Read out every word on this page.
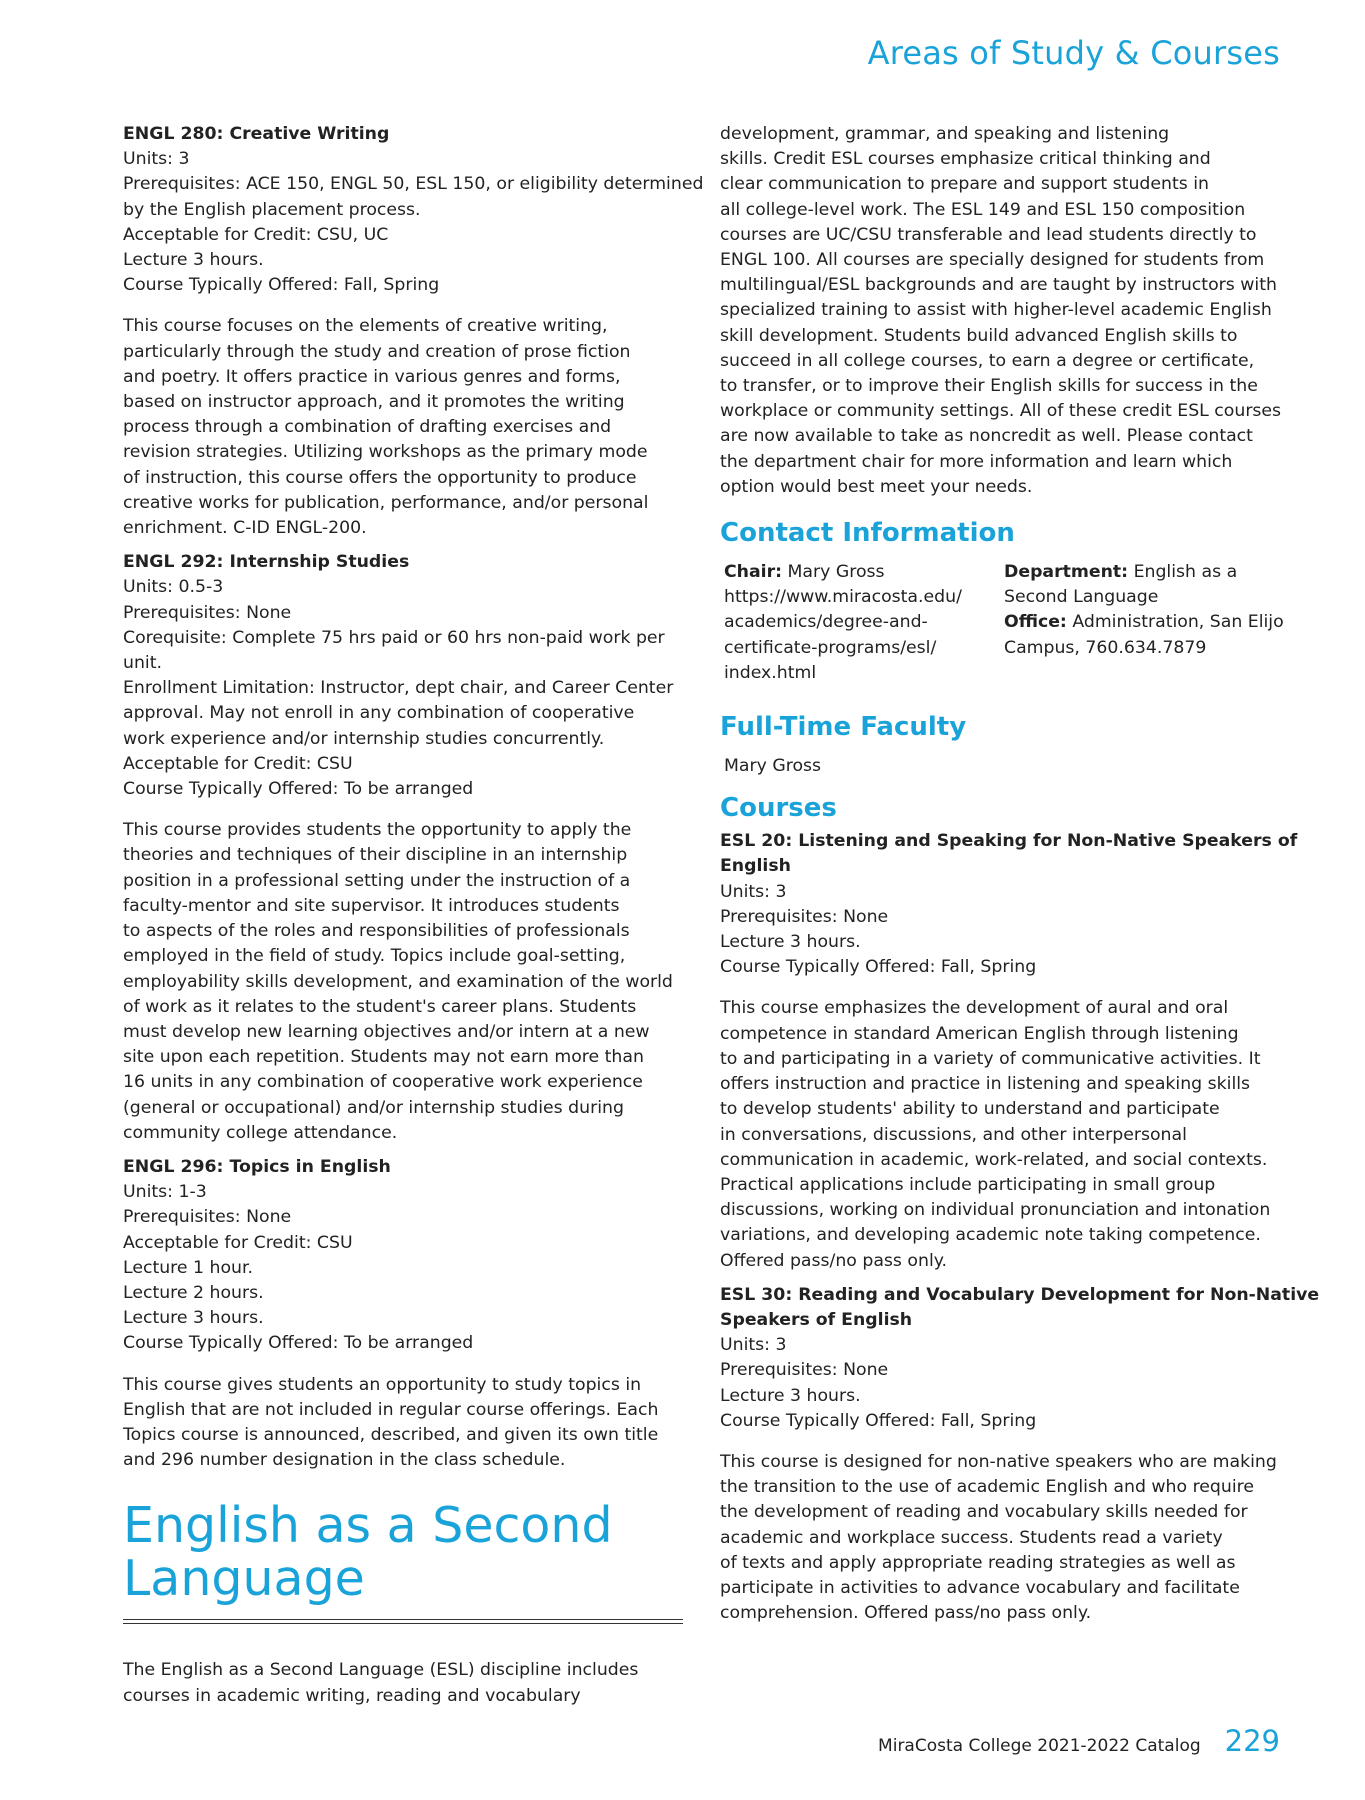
Areas of Study & Courses
ENGL 280: Creative Writing
Units: 3
Prerequisites: ACE 150, ENGL 50, ESL 150, or eligibility determined
by the English placement process.
Acceptable for Credit: CSU, UC
Lecture 3 hours.
Course Typically Offered: Fall, Spring
This course focuses on the elements of creative writing,
particularly through the study and creation of prose fiction
and poetry. It offers practice in various genres and forms,
based on instructor approach, and it promotes the writing
process through a combination of drafting exercises and
revision strategies. Utilizing workshops as the primary mode
of instruction, this course offers the opportunity to produce
creative works for publication, performance, and/or personal
enrichment. C-ID ENGL-200.
ENGL 292: Internship Studies
Units: 0.5-3
Prerequisites: None
Corequisite: Complete 75 hrs paid or 60 hrs non-paid work per
unit.
Enrollment Limitation: Instructor, dept chair, and Career Center
approval. May not enroll in any combination of cooperative
work experience and/or internship studies concurrently.
Acceptable for Credit: CSU
Course Typically Offered: To be arranged
This course provides students the opportunity to apply the
theories and techniques of their discipline in an internship
position in a professional setting under the instruction of a
faculty-mentor and site supervisor. It introduces students
to aspects of the roles and responsibilities of professionals
employed in the field of study. Topics include goal-setting,
employability skills development, and examination of the world
of work as it relates to the student's career plans. Students
must develop new learning objectives and/or intern at a new
site upon each repetition. Students may not earn more than
16 units in any combination of cooperative work experience
(general or occupational) and/or internship studies during
community college attendance.
ENGL 296: Topics in English
Units: 1-3
Prerequisites: None
Acceptable for Credit: CSU
Lecture 1 hour.
Lecture 2 hours.
Lecture 3 hours.
Course Typically Offered: To be arranged
This course gives students an opportunity to study topics in
English that are not included in regular course offerings. Each
Topics course is announced, described, and given its own title
and 296 number designation in the class schedule.
English as a Second
Language
The English as a Second Language (ESL) discipline includes
courses in academic writing, reading and vocabulary
development, grammar, and speaking and listening
skills. Credit ESL courses emphasize critical thinking and
clear communication to prepare and support students in
all college-level work. The ESL 149 and ESL 150 composition
courses are UC/CSU transferable and lead students directly to
ENGL 100. All courses are specially designed for students from
multilingual/ESL backgrounds and are taught by instructors with
specialized training to assist with higher-level academic English
skill development. Students build advanced English skills to
succeed in all college courses, to earn a degree or certificate,
to transfer, or to improve their English skills for success in the
workplace or community settings. All of these credit ESL courses
are now available to take as noncredit as well. Please contact
the department chair for more information and learn which
option would best meet your needs.
Contact Information
Chair: Mary Gross
https://www.miracosta.edu/
academics/degree-and-
certificate-programs/esl/
index.html
Department: English as a
Second Language
Office: Administration, San Elijo
Campus, 760.634.7879
Full-Time Faculty
Mary Gross
Courses
ESL 20: Listening and Speaking for Non-Native Speakers of
English
Units: 3
Prerequisites: None
Lecture 3 hours.
Course Typically Offered: Fall, Spring
This course emphasizes the development of aural and oral
competence in standard American English through listening
to and participating in a variety of communicative activities. It
offers instruction and practice in listening and speaking skills
to develop students' ability to understand and participate
in conversations, discussions, and other interpersonal
communication in academic, work-related, and social contexts.
Practical applications include participating in small group
discussions, working on individual pronunciation and intonation
variations, and developing academic note taking competence.
Offered pass/no pass only.
ESL 30: Reading and Vocabulary Development for Non-Native
Speakers of English
Units: 3
Prerequisites: None
Lecture 3 hours.
Course Typically Offered: Fall, Spring
This course is designed for non-native speakers who are making
the transition to the use of academic English and who require
the development of reading and vocabulary skills needed for
academic and workplace success. Students read a variety
of texts and apply appropriate reading strategies as well as
participate in activities to advance vocabulary and facilitate
comprehension. Offered pass/no pass only.
MiraCosta College 2021-2022 Catalog 229
